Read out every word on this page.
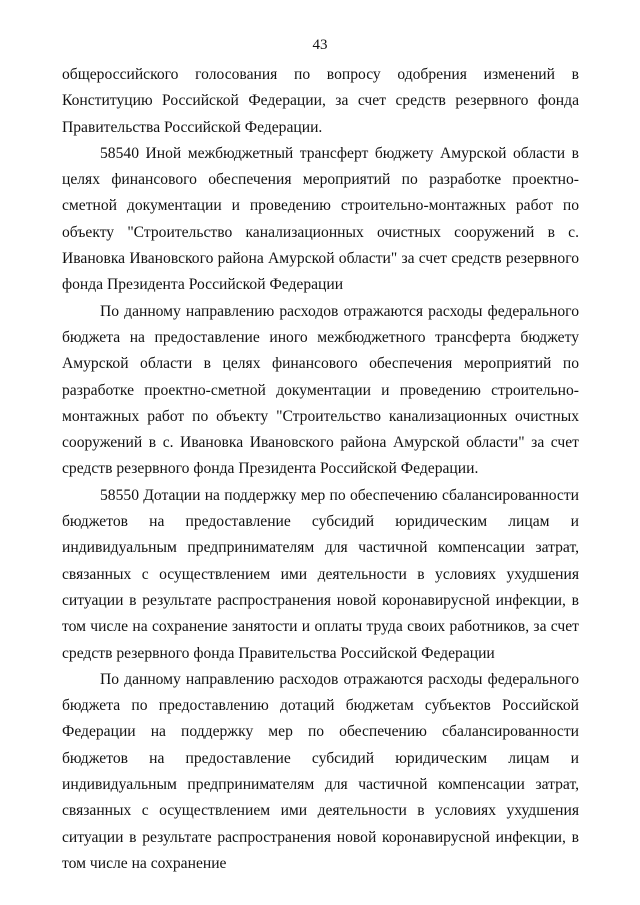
43

общероссийского голосования по вопросу одобрения изменений в Конституцию Российской Федерации, за счет средств резервного фонда Правительства Российской Федерации.

58540 Иной межбюджетный трансферт бюджету Амурской области в целях финансового обеспечения мероприятий по разработке проектно-сметной документации и проведению строительно-монтажных работ по объекту "Строительство канализационных очистных сооружений в с. Ивановка Ивановского района Амурской области" за счет средств резервного фонда Президента Российской Федерации

По данному направлению расходов отражаются расходы федерального бюджета на предоставление иного межбюджетного трансферта бюджету Амурской области в целях финансового обеспечения мероприятий по разработке проектно-сметной документации и проведению строительно-монтажных работ по объекту "Строительство канализационных очистных сооружений в с. Ивановка Ивановского района Амурской области" за счет средств резервного фонда Президента Российской Федерации.

58550 Дотации на поддержку мер по обеспечению сбалансированности бюджетов на предоставление субсидий юридическим лицам и индивидуальным предпринимателям для частичной компенсации затрат, связанных с осуществлением ими деятельности в условиях ухудшения ситуации в результате распространения новой коронавирусной инфекции, в том числе на сохранение занятости и оплаты труда своих работников, за счет средств резервного фонда Правительства Российской Федерации

По данному направлению расходов отражаются расходы федерального бюджета по предоставлению дотаций бюджетам субъектов Российской Федерации на поддержку мер по обеспечению сбалансированности бюджетов на предоставление субсидий юридическим лицам и индивидуальным предпринимателям для частичной компенсации затрат, связанных с осуществлением ими деятельности в условиях ухудшения ситуации в результате распространения новой коронавирусной инфекции, в том числе на сохранение
